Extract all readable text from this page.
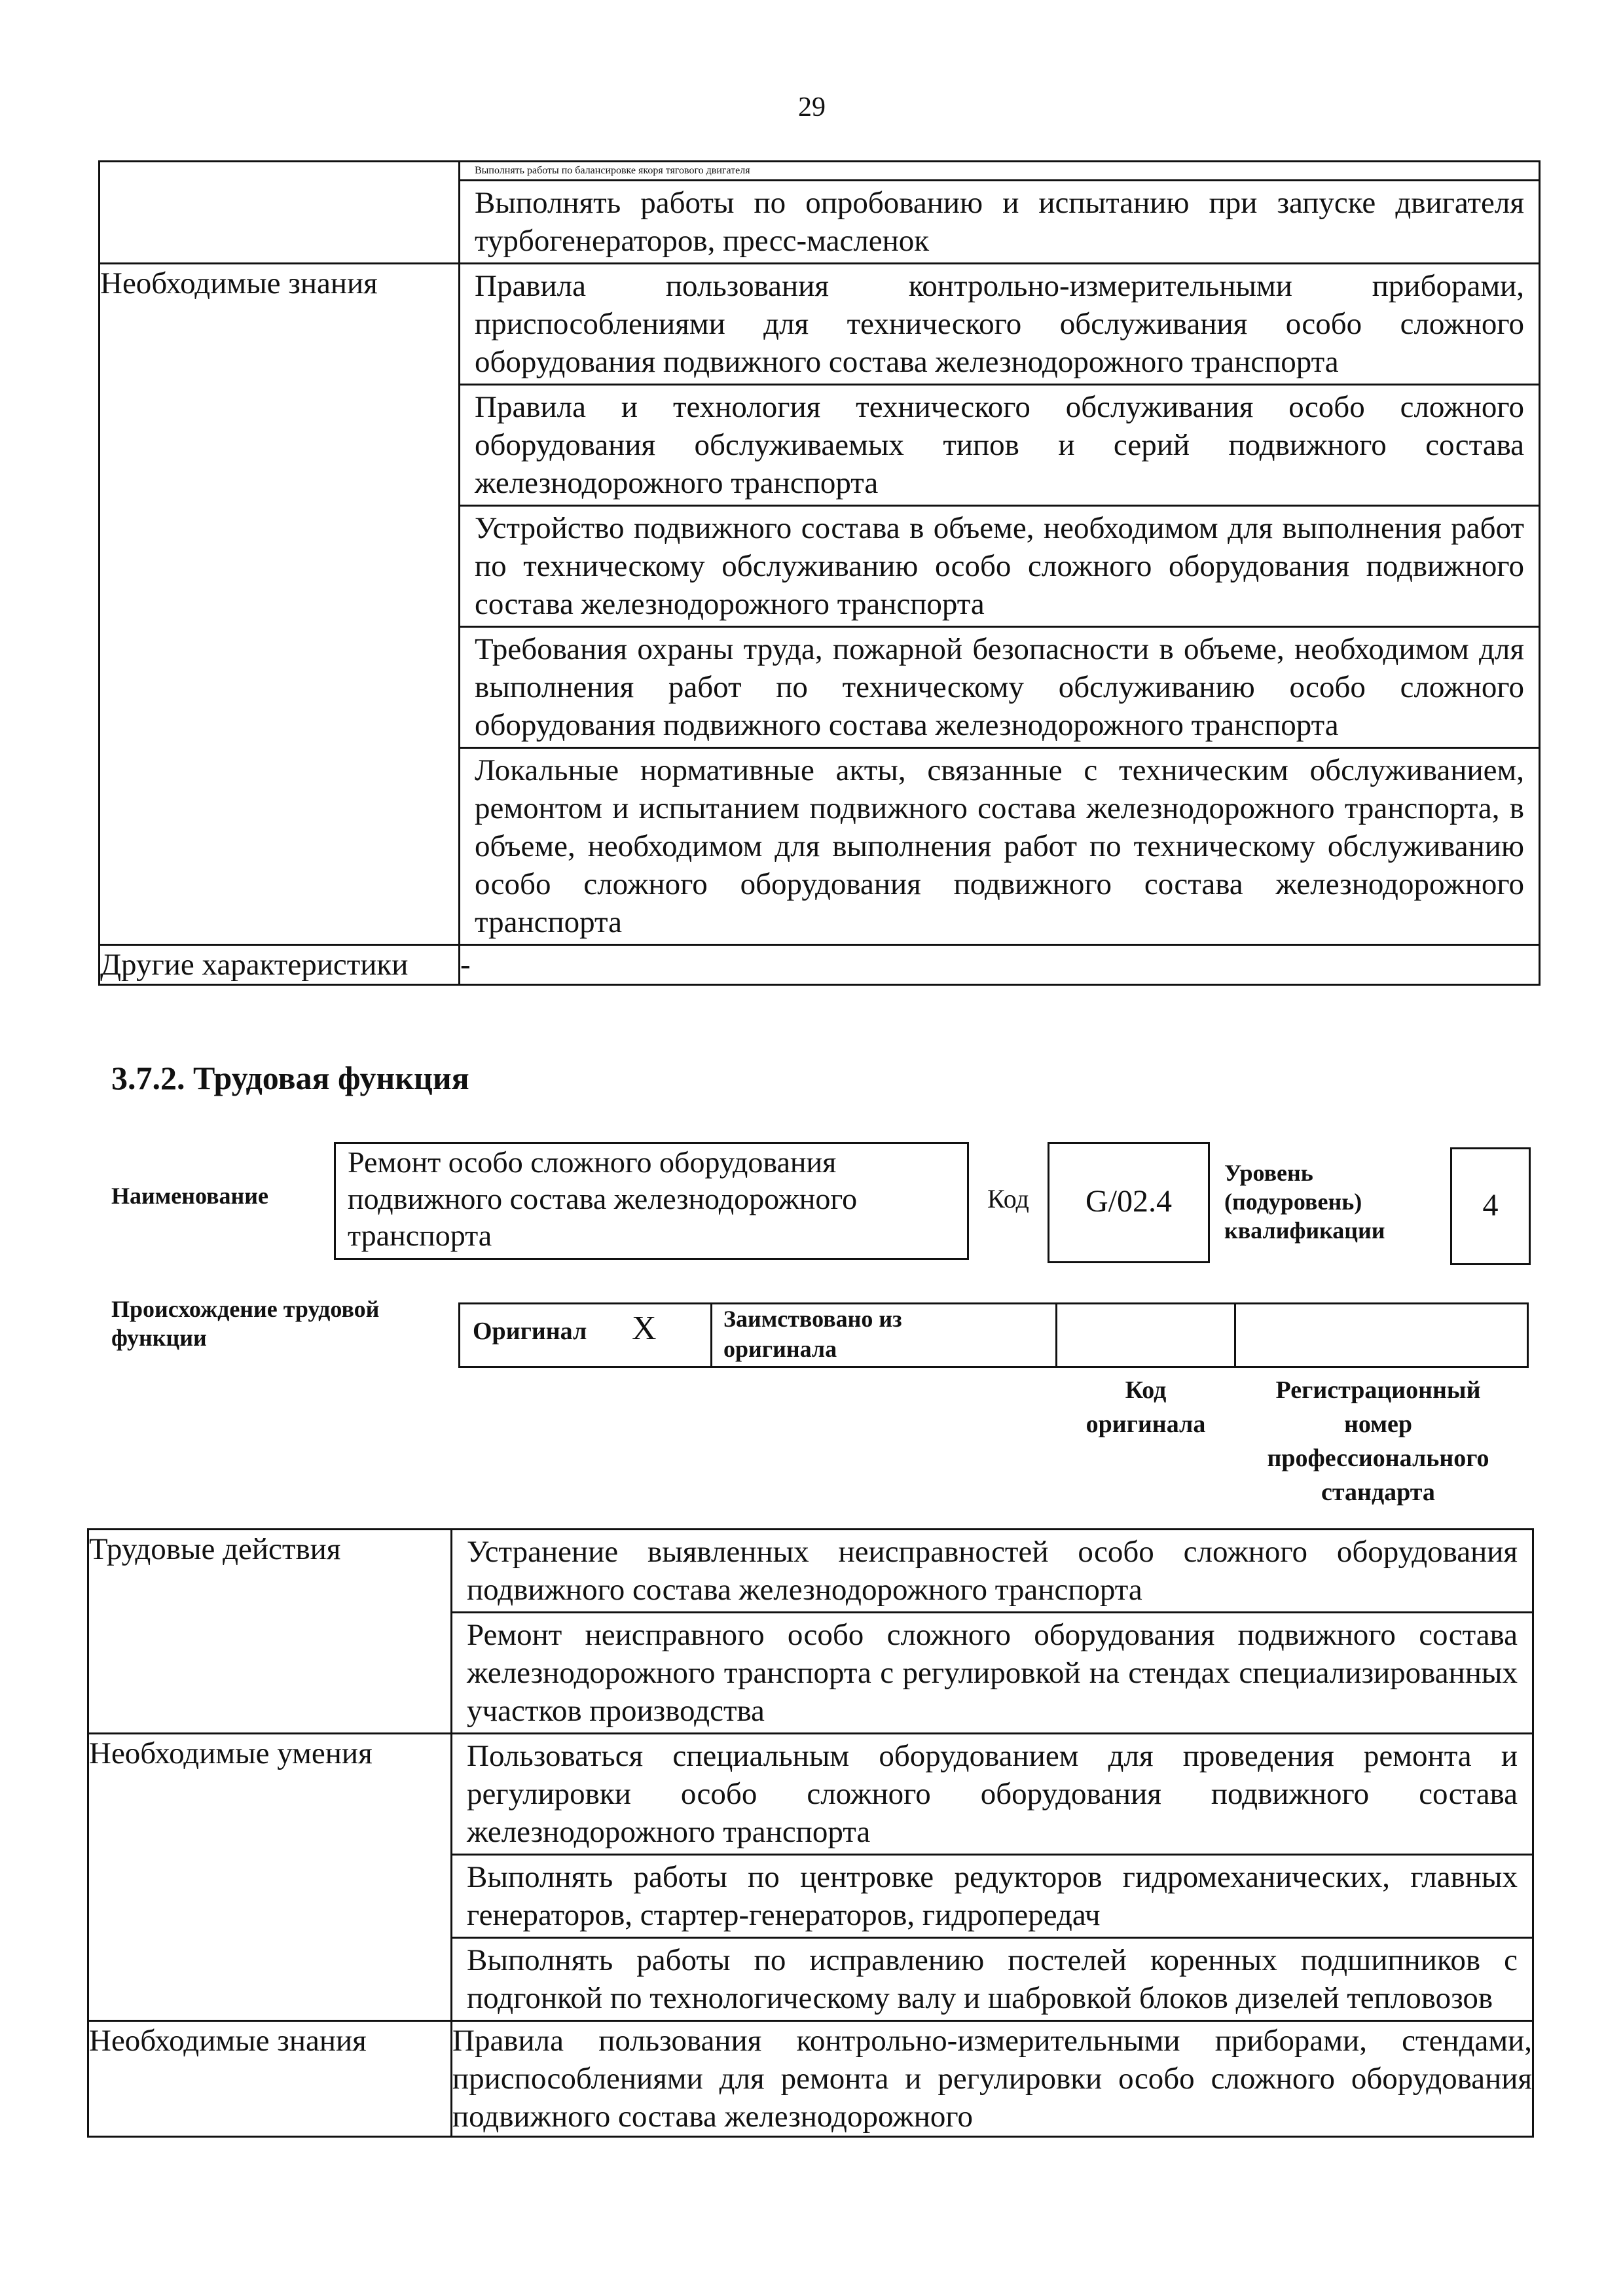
29

	Выполнять работы по балансировке якоря тягового двигателя
Выполнять работы по опробованию и испытанию при запуске двигателя турбогенераторов, пресс-масленок

Необходимые знания	Правила пользования контрольно-измерительными приборами, приспособлениями для технического обслуживания особо сложного оборудования подвижного состава железнодорожного транспорта
Правила и технология технического обслуживания особо сложного оборудования обслуживаемых типов и серий подвижного состава железнодорожного транспорта
Устройство подвижного состава в объеме, необходимом для выполнения работ по техническому обслуживанию особо сложного оборудования подвижного состава железнодорожного транспорта
Требования охраны труда, пожарной безопасности в объеме, необходимом для выполнения работ по техническому обслуживанию особо сложного оборудования подвижного состава железнодорожного транспорта
Локальные нормативные акты, связанные с техническим обслуживанием, ремонтом и испытанием подвижного состава железнодорожного транспорта, в объеме, необходимом для выполнения работ по техническому обслуживанию особо сложного оборудования подвижного состава железнодорожного транспорта

Другие характеристики	-
3.7.2. Трудовая функция
Наименование
Ремонт особо сложного оборудования подвижного состава железнодорожного транспорта
Код	G/02.4
Уровень (подуровень) квалификации
4
Происхождение трудовой функции	Оригинал X	Заимствовано из оригинала
Код оригинала
Регистрационный номер профессионального стандарта
Трудовые действия	Устранение выявленных неисправностей особо сложного оборудования подвижного состава железнодорожного транспорта
Ремонт неисправного особо сложного оборудования подвижного состава железнодорожного транспорта с регулировкой на стендах специализированных участков производства

Необходимые умения	Пользоваться специальным оборудованием для проведения ремонта и регулировки особо сложного оборудования подвижного состава железнодорожного транспорта
Выполнять работы по центровке редукторов гидромеханических, главных генераторов, стартер-генераторов, гидропередач
Выполнять работы по исправлению постелей коренных подшипников с подгонкой по технологическому валу и шабровкой блоков дизелей тепловозов

Необходимые знания	Правила пользования контрольно-измерительными приборами, стендами, приспособлениями для ремонта и регулировки особо сложного оборудования подвижного состава железнодорожного
